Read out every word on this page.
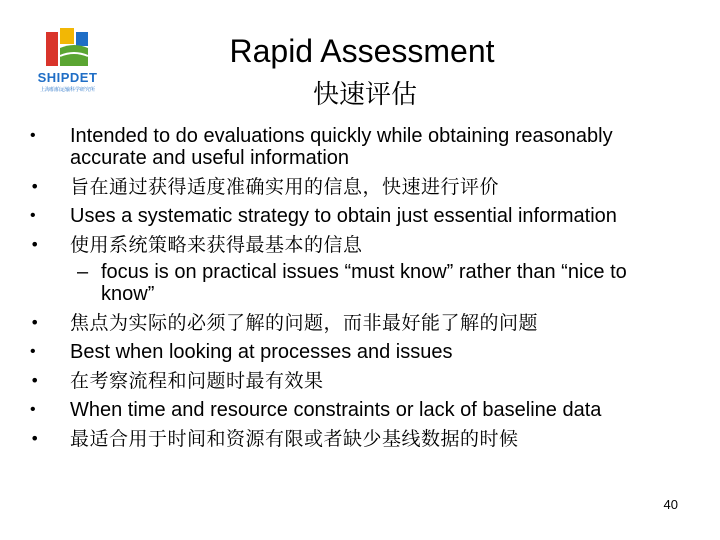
SHIPDET
上海船舶运输科学研究所
Rapid Assessment
快速评估
• Intended to do evaluations quickly while obtaining reasonably accurate and useful information
• 旨在通过获得适度准确实用的信息，快速进行评价
• Uses a systematic strategy to obtain just essential information
• 使用系统策略来获得最基本的信息
– focus is on practical issues “must know” rather than “nice to know”
• 焦点为实际的必须了解的问题，而非最好能了解的问题
• Best when looking at processes and issues
• 在考察流程和问题时最有效果
• When time and resource constraints or lack of baseline data
• 最适合用于时间和资源有限或者缺少基线数据的时候
40
